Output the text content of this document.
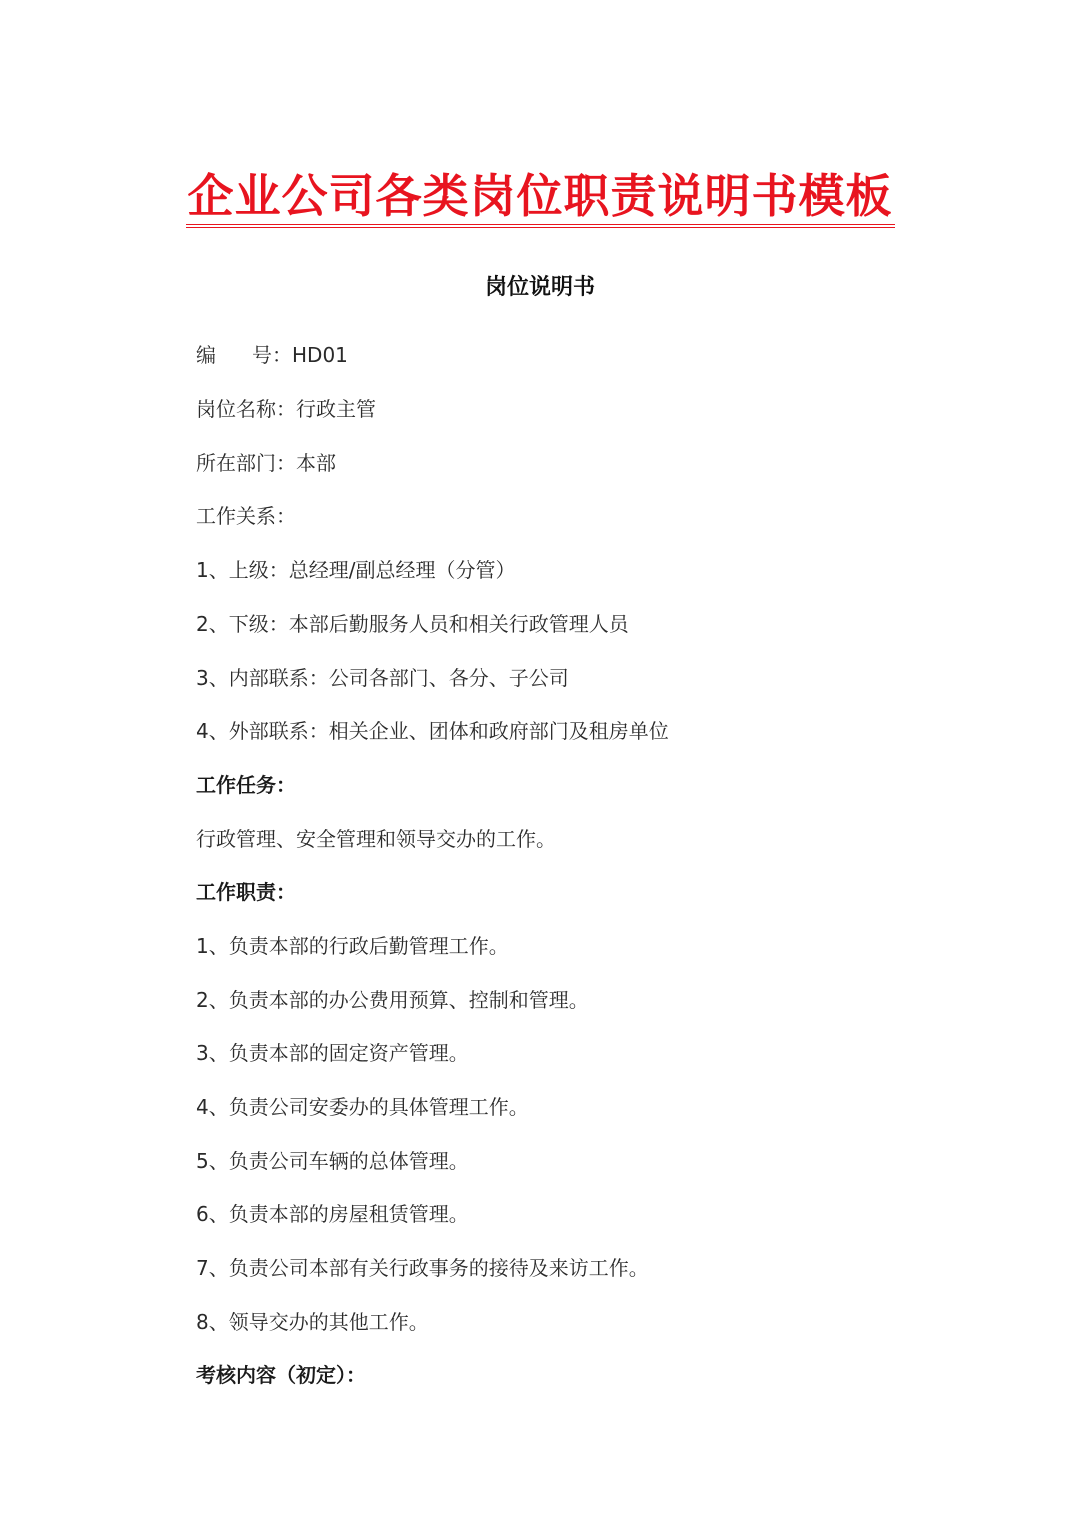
企业公司各类岗位职责说明书模板
岗位说明书

编 号：HD01

岗位名称：行政主管

所在部门：本部

工作关系：

1、上级：总经理/副总经理（分管）

2、下级：本部后勤服务人员和相关行政管理人员

3、内部联系：公司各部门、各分、子公司

4、外部联系：相关企业、团体和政府部门及租房单位

工作任务：

行政管理、安全管理和领导交办的工作。

工作职责：

1、负责本部的行政后勤管理工作。

2、负责本部的办公费用预算、控制和管理。

3、负责本部的固定资产管理。

4、负责公司安委办的具体管理工作。

5、负责公司车辆的总体管理。

6、负责本部的房屋租赁管理。

7、负责公司本部有关行政事务的接待及来访工作。

8、领导交办的其他工作。

考核内容（初定）：
